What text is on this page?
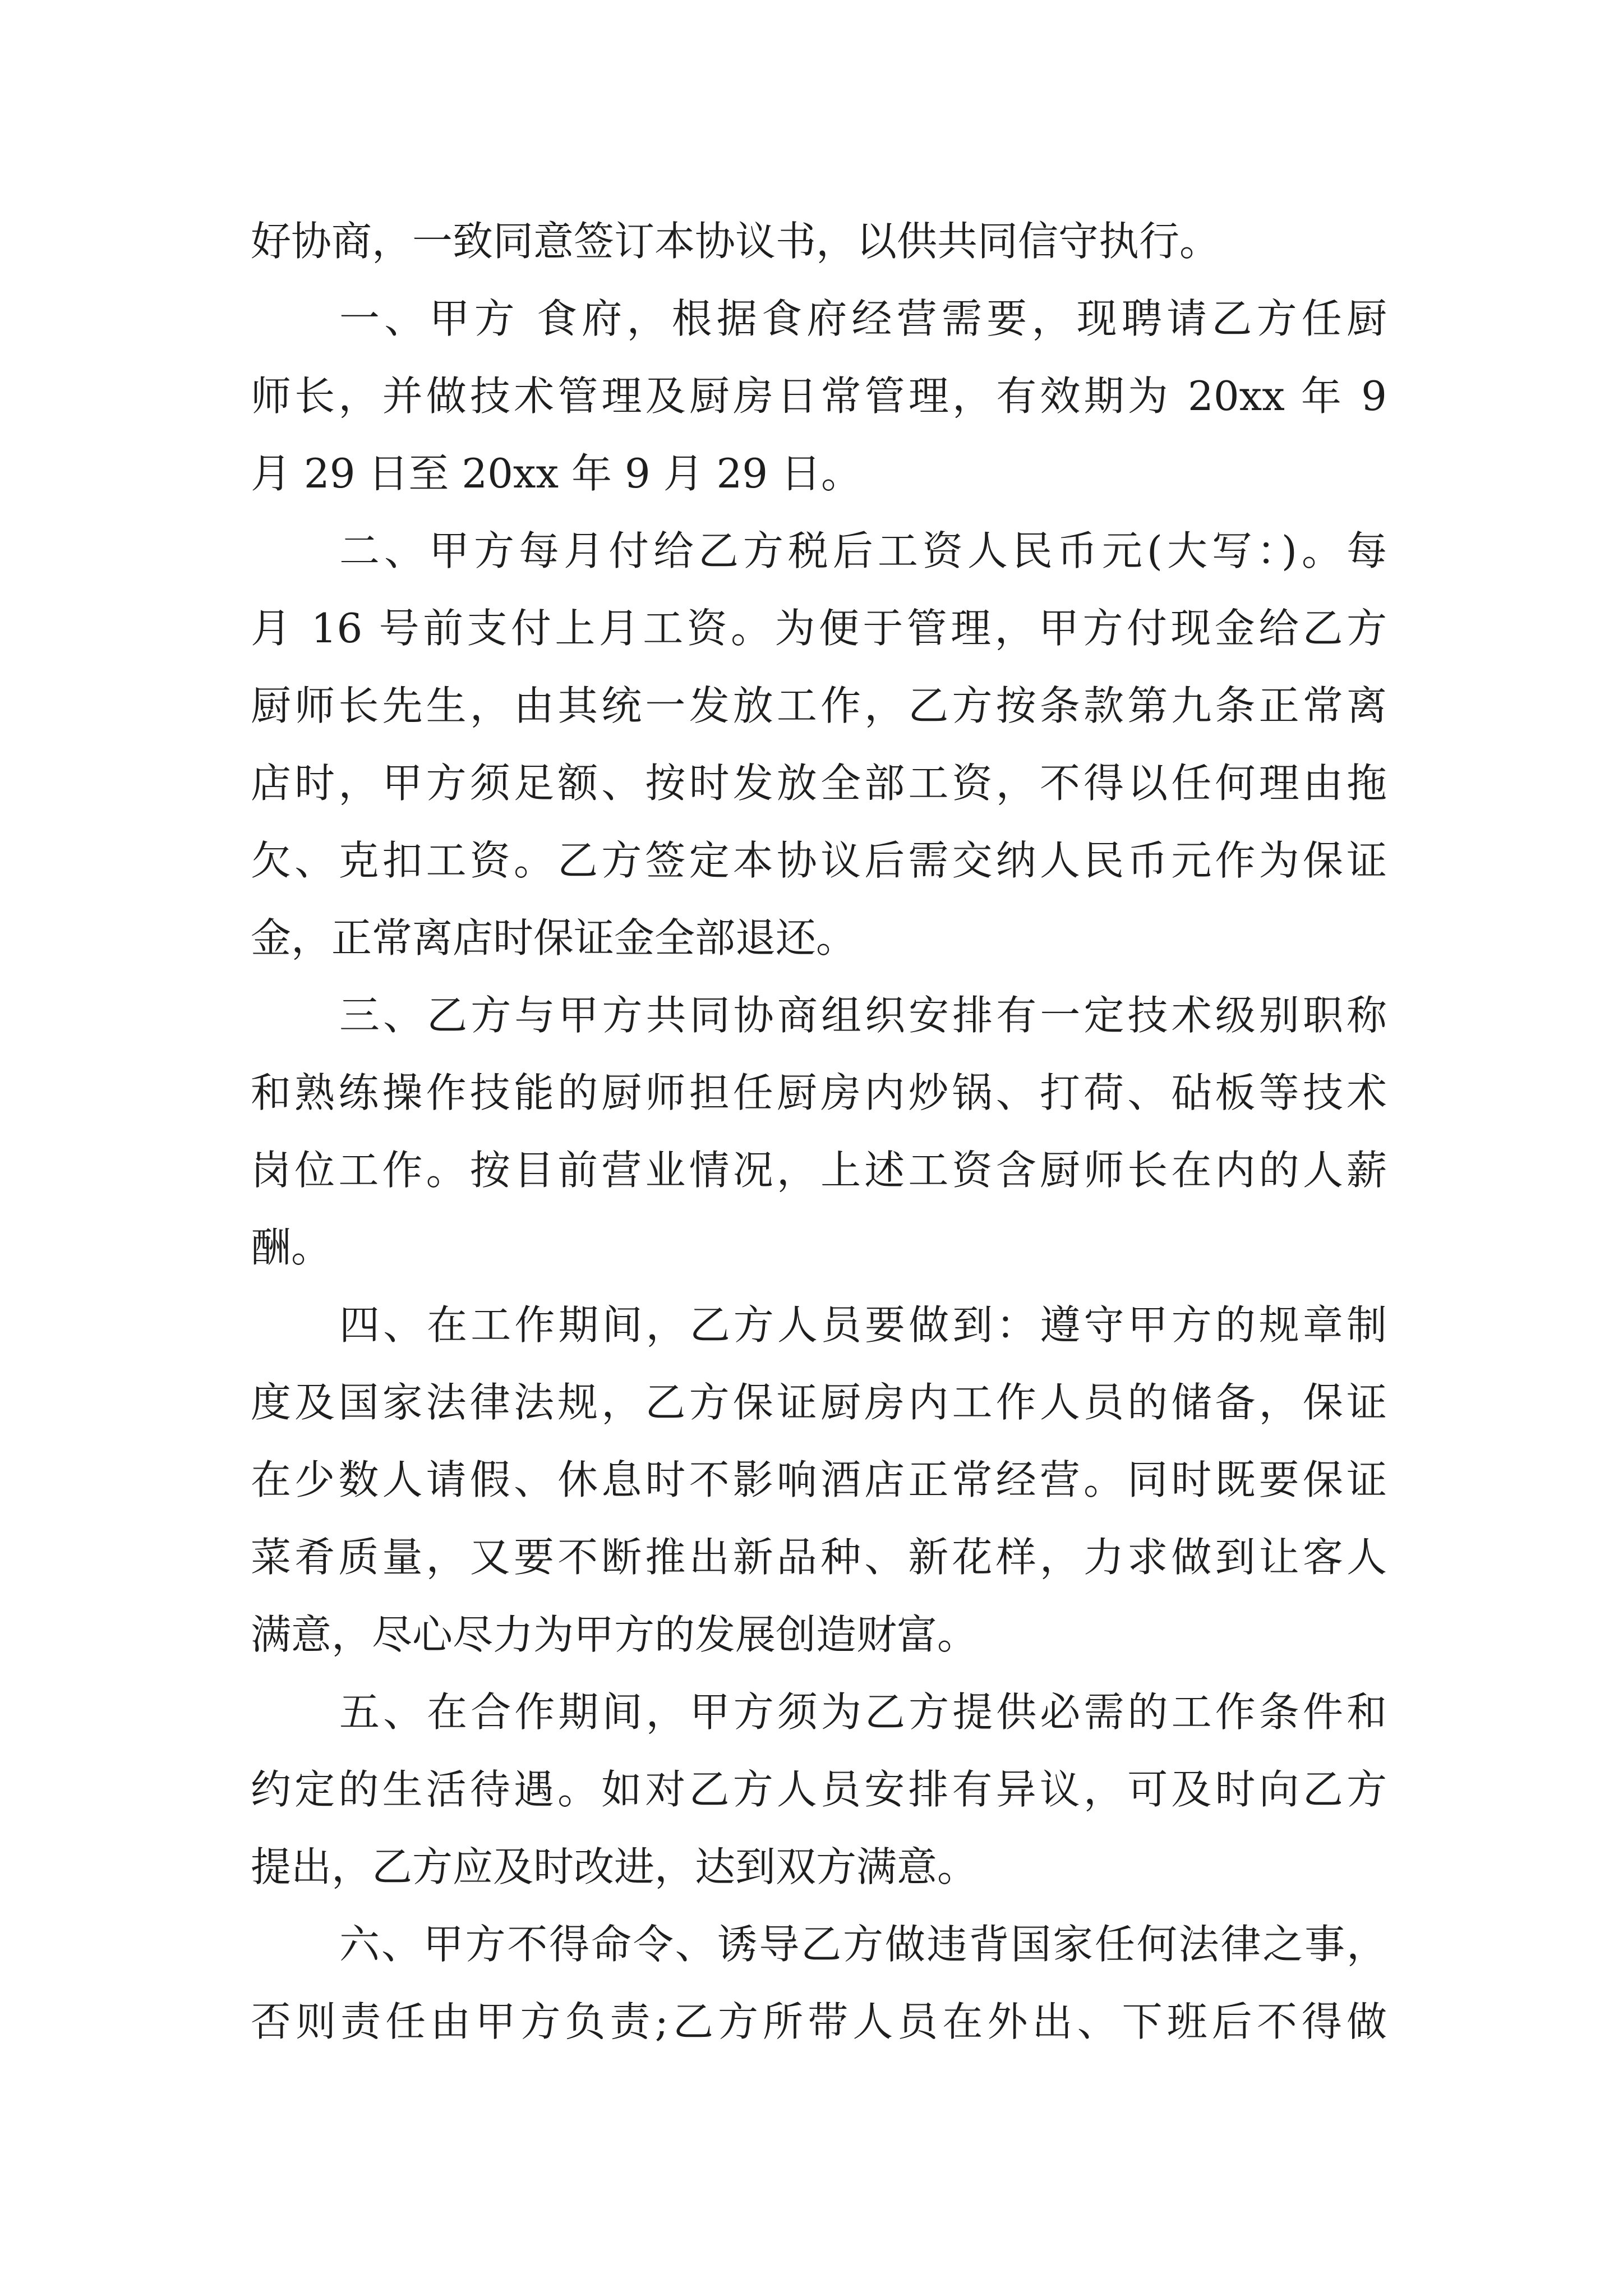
好协商，一致同意签订本协议书，以供共同信守执行。
一、甲方 食府，根据食府经营需要，现聘请乙方任厨
师长，并做技术管理及厨房日常管理，有效期为 20xx 年 9
月 29 日至 20xx 年 9 月 29 日。
二、甲方每月付给乙方税后工资人民币元(大写：)。每
月 16 号前支付上月工资。为便于管理，甲方付现金给乙方
厨师长先生，由其统一发放工作，乙方按条款第九条正常离
店时，甲方须足额、按时发放全部工资，不得以任何理由拖
欠、克扣工资。乙方签定本协议后需交纳人民币元作为保证
金，正常离店时保证金全部退还。
三、乙方与甲方共同协商组织安排有一定技术级别职称
和熟练操作技能的厨师担任厨房内炒锅、打荷、砧板等技术
岗位工作。按目前营业情况，上述工资含厨师长在内的人薪
酬。
四、在工作期间，乙方人员要做到：遵守甲方的规章制
度及国家法律法规，乙方保证厨房内工作人员的储备，保证
在少数人请假、休息时不影响酒店正常经营。同时既要保证
菜肴质量，又要不断推出新品种、新花样，力求做到让客人
满意，尽心尽力为甲方的发展创造财富。
五、在合作期间，甲方须为乙方提供必需的工作条件和
约定的生活待遇。如对乙方人员安排有异议，可及时向乙方
提出，乙方应及时改进，达到双方满意。
六、甲方不得命令、诱导乙方做违背国家任何法律之事，
否则责任由甲方负责;乙方所带人员在外出、下班后不得做
